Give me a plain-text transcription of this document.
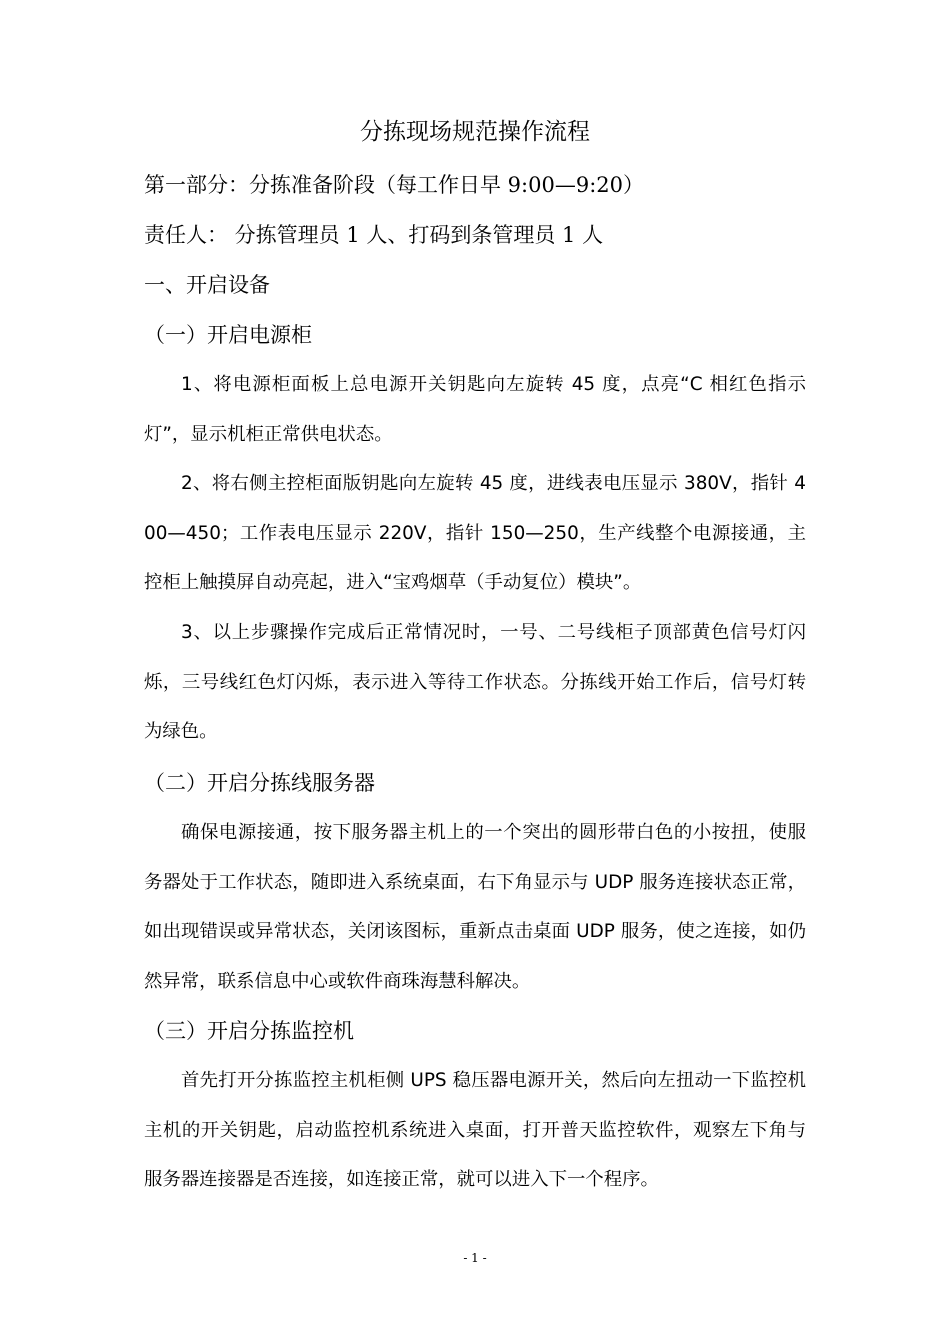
分拣现场规范操作流程
第一部分：分拣准备阶段（每工作日早 9:00—9:20）
责任人： 分拣管理员 1 人、打码到条管理员 1 人
一、开启设备
（一）开启电源柜
1、将电源柜面板上总电源开关钥匙向左旋转 45 度，点亮“C 相红色指示灯”，显示机柜正常供电状态。
2、将右侧主控柜面版钥匙向左旋转 45 度，进线表电压显示 380V，指针 400—450；工作表电压显示 220V，指针 150—250，生产线整个电源接通，主控柜上触摸屏自动亮起，进入“宝鸡烟草（手动复位）模块”。
3、以上步骤操作完成后正常情况时，一号、二号线柜子顶部黄色信号灯闪烁，三号线红色灯闪烁，表示进入等待工作状态。分拣线开始工作后，信号灯转为绿色。
（二）开启分拣线服务器
确保电源接通，按下服务器主机上的一个突出的圆形带白色的小按扭，使服务器处于工作状态，随即进入系统桌面，右下角显示与 UDP 服务连接状态正常，如出现错误或异常状态，关闭该图标，重新点击桌面 UDP 服务，使之连接，如仍然异常，联系信息中心或软件商珠海慧科解决。
（三）开启分拣监控机
首先打开分拣监控主机柜侧 UPS 稳压器电源开关，然后向左扭动一下监控机主机的开关钥匙，启动监控机系统进入桌面，打开普天监控软件，观察左下角与服务器连接器是否连接，如连接正常，就可以进入下一个程序。
- 1 -
